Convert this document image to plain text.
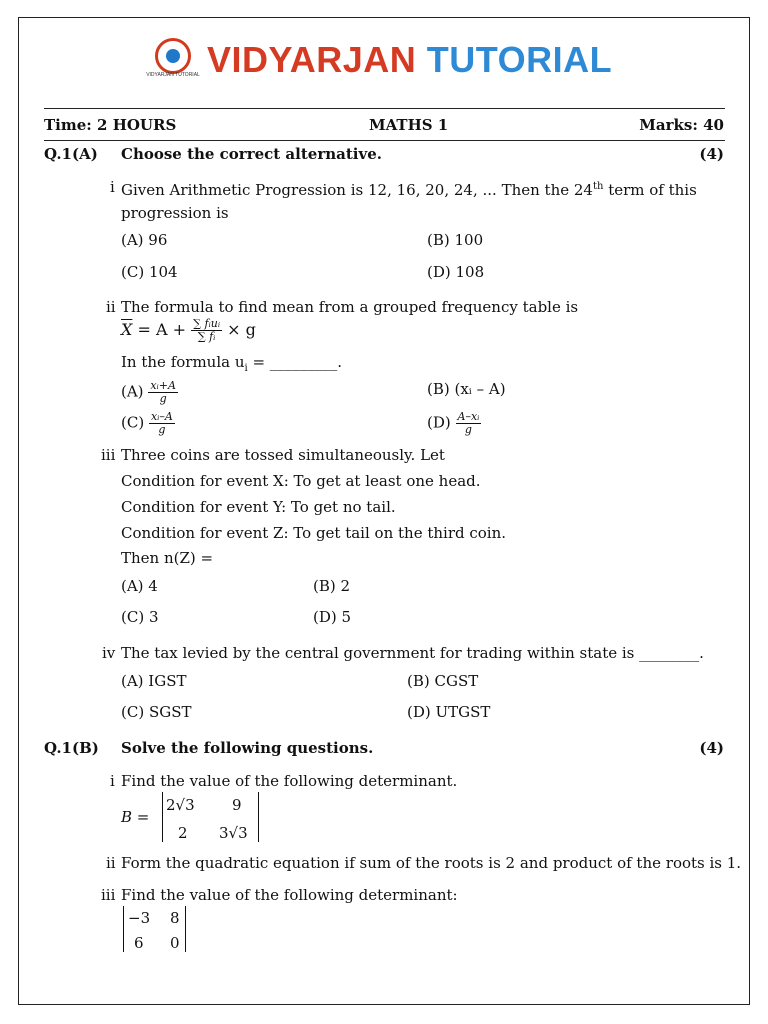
VIDYARJAN TUTORIAL VIDYARJAN TUTORIAL
Time: 2 HOURS	MATHS 1	Marks: 40
Q.1(A) Choose the correct alternative.	(4)
i Given Arithmetic Progression is 12, 16, 20, 24, ... Then the 24th term of this
progression is
(A) 96	(B) 100
(C) 104	(D) 108
ii The formula to find mean from a grouped frequency table is
$\overline{X} = A + \frac{\text{∑ fᵢuᵢ}}{\text{∑ fᵢ}} \times g$
In the formula $u_i$ = _________.
$(A) \frac{\text{xᵢ+A}}{g}$	(B) (xᵢ – A)
$(C) \frac{\text{xᵢ–A}}{g}$	$(D) \frac{\text{A–xᵢ}}{g}$
iii Three coins are tossed simultaneously. Let
Condition for event X: To get at least one head.
Condition for event Y: To get no tail.
Condition for event Z: To get tail on the third coin.
Then n(Z) =
(A) 4	(B) 2
(C) 3	(D) 5
iv The tax levied by the central government for trading within state is ________.
(A) IGST	(B) CGST
(C) SGST	(D) UTGST
Q.1(B) Solve the following questions.	(4)
i Find the value of the following determinant.
B =
2√3 9
2 3√3
ii Form the quadratic equation if sum of the roots is 2 and product of the roots is 1.
iii Find the value of the following determinant:
−3 8
6 0
